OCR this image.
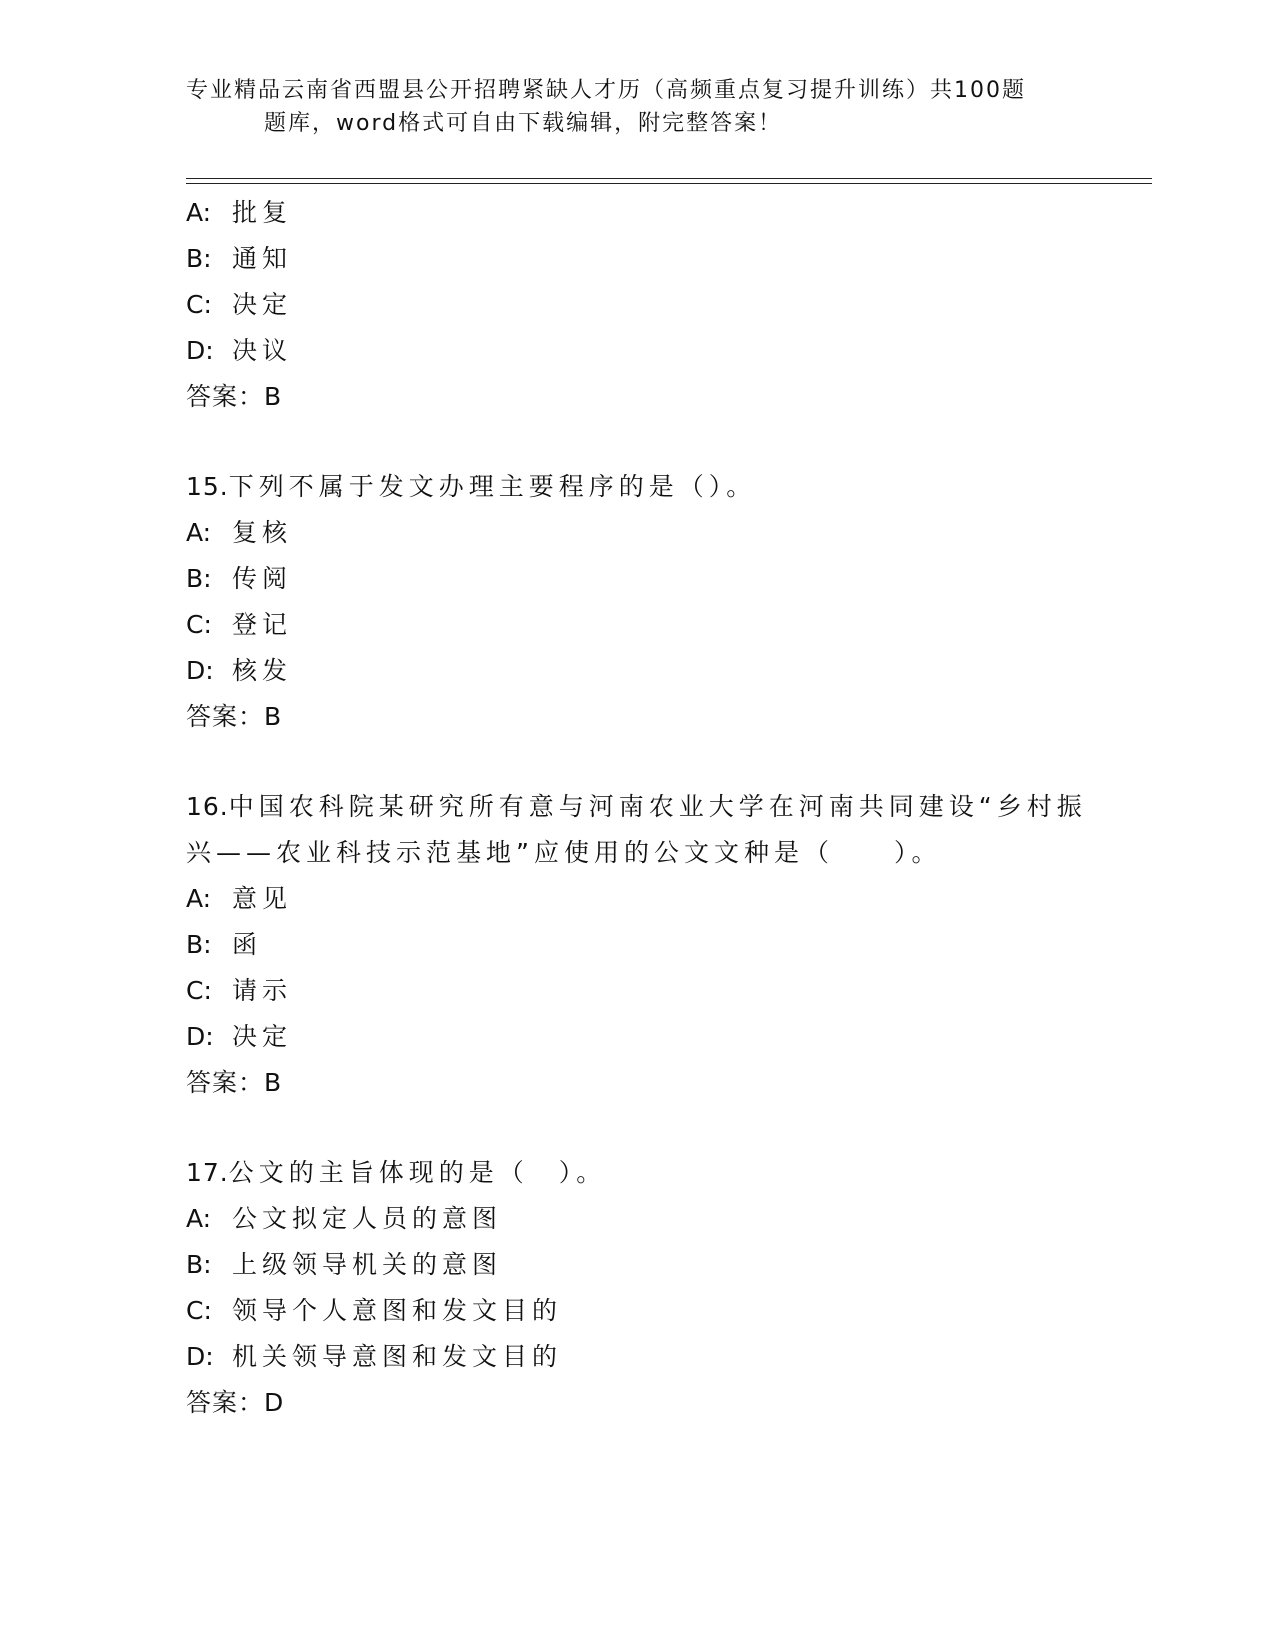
专业精品云南省西盟县公开招聘紧缺人才历（高频重点复习提升训练）共100题
题库，word格式可自由下载编辑，附完整答案！
A: 批复
B: 通知
C: 决定
D: 决议
答案：B
15.下列不属于发文办理主要程序的是（）。
A: 复核
B: 传阅
C: 登记
D: 核发
答案：B
16.中国农科院某研究所有意与河南农业大学在河南共同建设“乡村振
兴——农业科技示范基地”应使用的公文文种是（　　）。
A: 意见
B: 函
C: 请示
D: 决定
答案：B
17.公文的主旨体现的是（　）。
A: 公文拟定人员的意图
B: 上级领导机关的意图
C: 领导个人意图和发文目的
D: 机关领导意图和发文目的
答案：D
